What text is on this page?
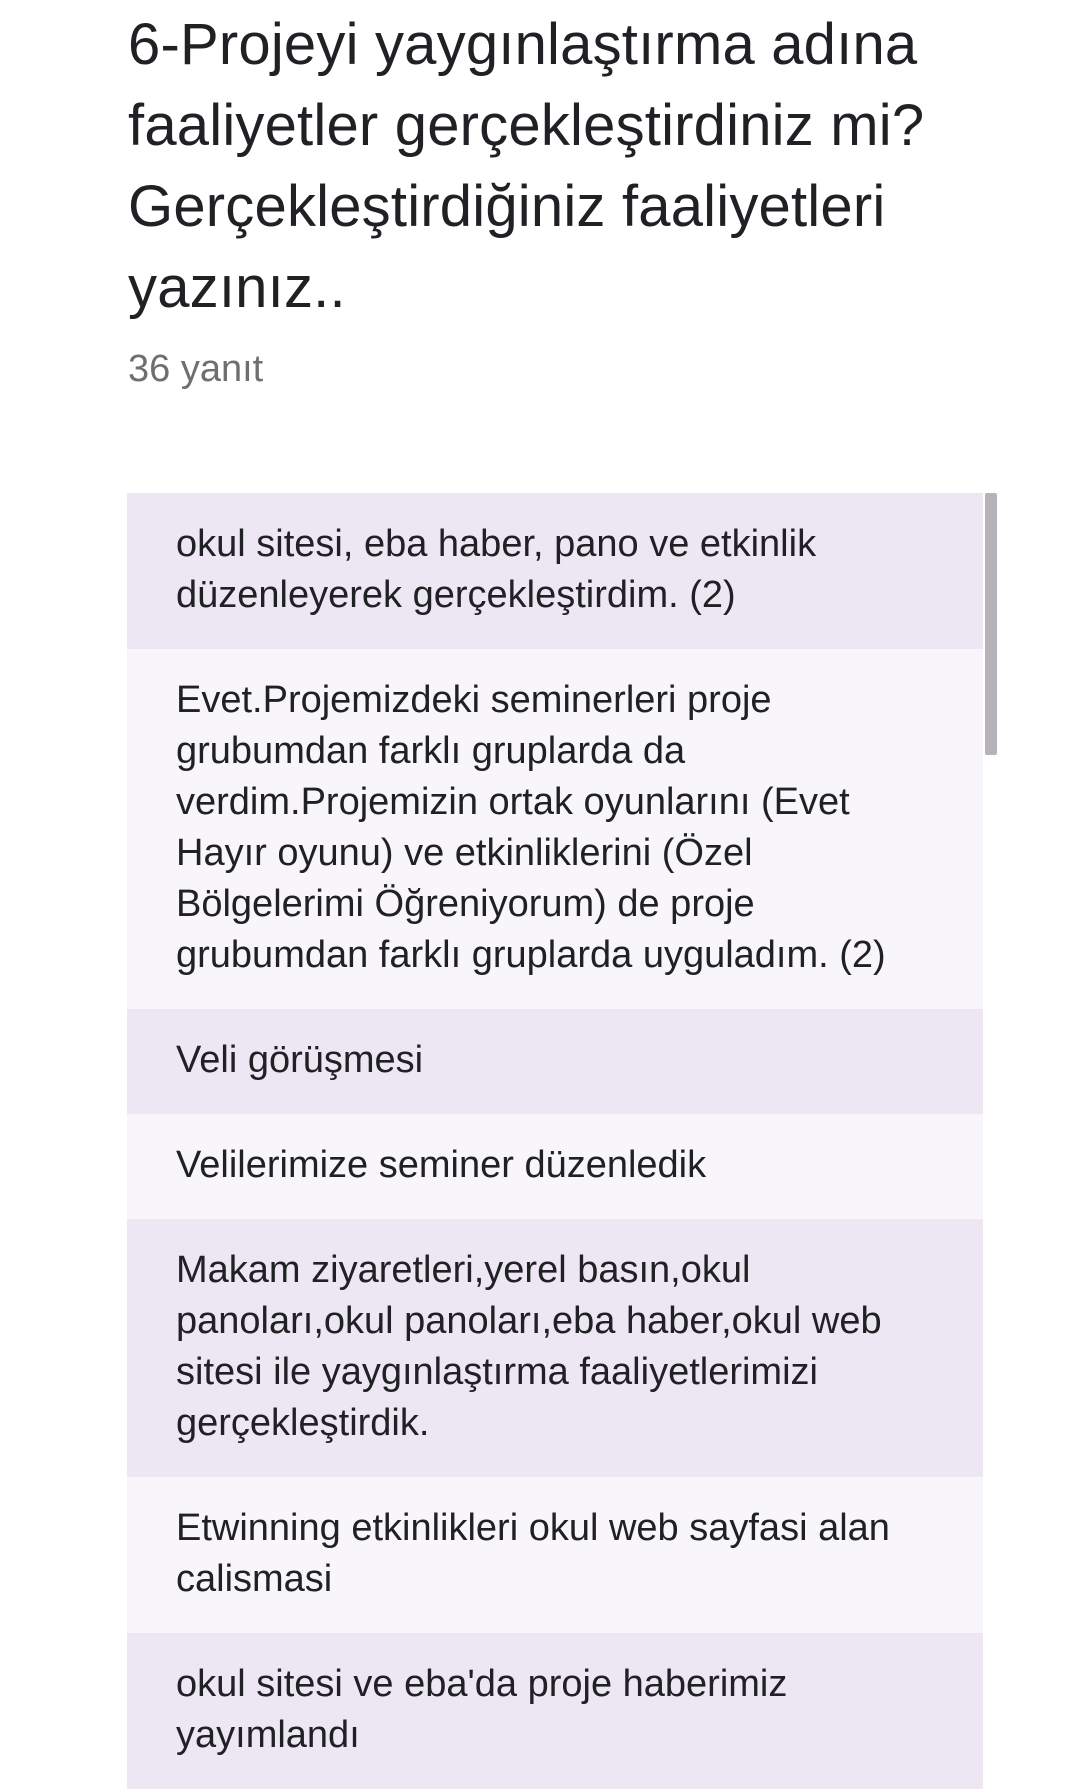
6-Projeyi yaygınlaştırma adına faaliyetler gerçekleştirdiniz mi? Gerçekleştirdiğiniz faaliyetleri yazınız..
36 yanıt
okul sitesi, eba haber, pano ve etkinlik düzenleyerek gerçekleştirdim. (2)
Evet.Projemizdeki seminerleri proje grubumdan farklı gruplarda da verdim.Projemizin ortak oyunlarını (Evet Hayır oyunu) ve etkinliklerini (Özel Bölgelerimi Öğreniyorum) de proje grubumdan farklı gruplarda uyguladım. (2)
Veli görüşmesi
Velilerimize seminer düzenledik
Makam ziyaretleri,yerel basın,okul panoları,okul panoları,eba haber,okul web sitesi ile yaygınlaştırma faaliyetlerimizi gerçekleştirdik.
Etwinning etkinlikleri okul web sayfasi alan calismasi
okul sitesi ve eba'da proje haberimiz yayımlandı
